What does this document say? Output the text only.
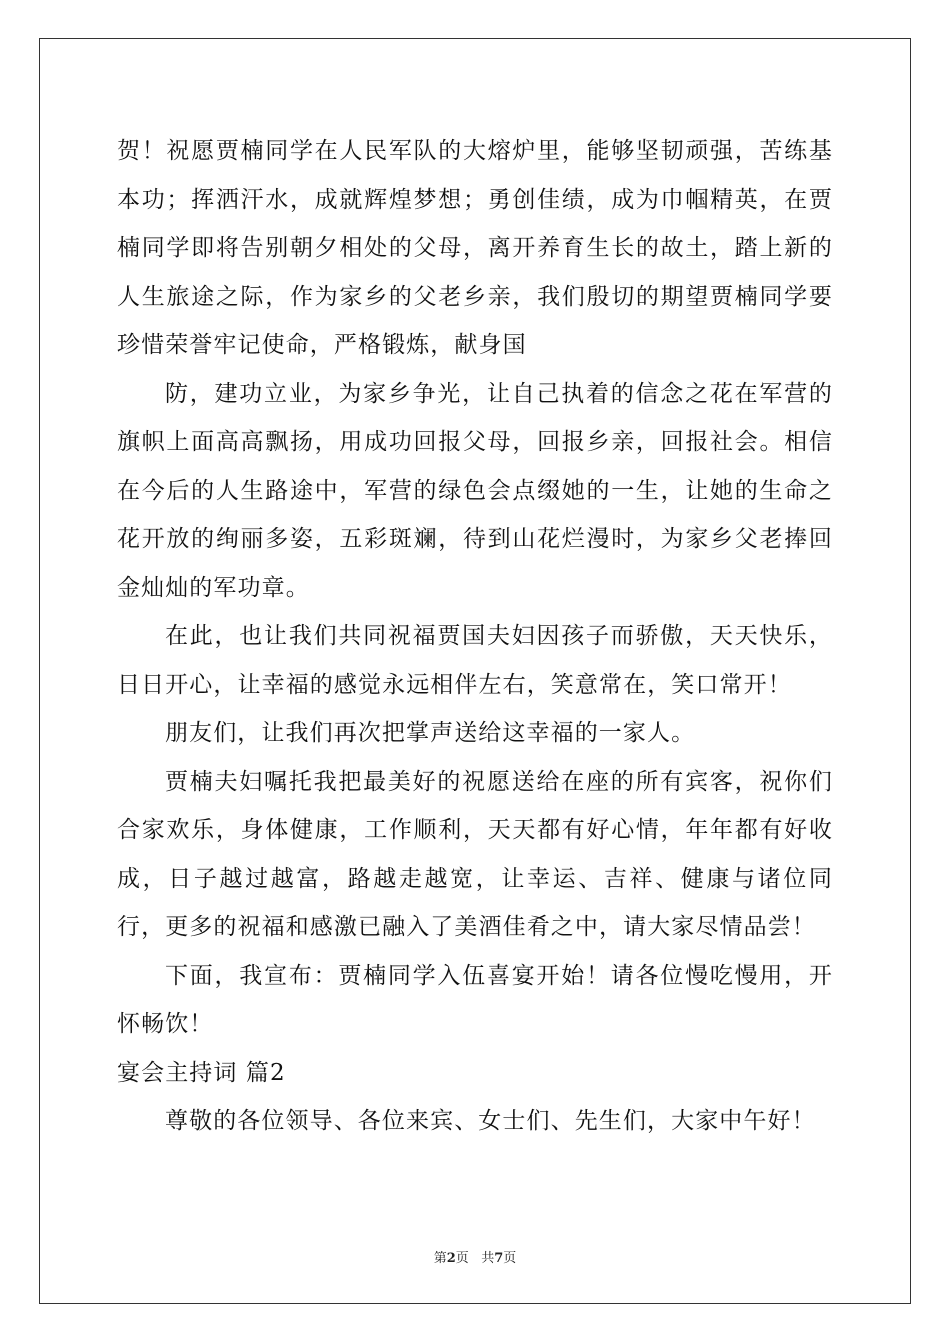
贺！祝愿贾楠同学在人民军队的大熔炉里，能够坚韧顽强，苦练基本功；挥洒汗水，成就辉煌梦想；勇创佳绩，成为巾帼精英，在贾楠同学即将告别朝夕相处的父母，离开养育生长的故土，踏上新的人生旅途之际，作为家乡的父老乡亲，我们殷切的期望贾楠同学要珍惜荣誉牢记使命，严格锻炼，献身国

防，建功立业，为家乡争光，让自己执着的信念之花在军营的旗帜上面高高飘扬，用成功回报父母，回报乡亲，回报社会。相信在今后的人生路途中，军营的绿色会点缀她的一生，让她的生命之花开放的绚丽多姿，五彩斑斓，待到山花烂漫时，为家乡父老捧回金灿灿的军功章。

在此，也让我们共同祝福贾国夫妇因孩子而骄傲，天天快乐，日日开心，让幸福的感觉永远相伴左右，笑意常在，笑口常开！

朋友们，让我们再次把掌声送给这幸福的一家人。

贾楠夫妇嘱托我把最美好的祝愿送给在座的所有宾客，祝你们合家欢乐，身体健康，工作顺利，天天都有好心情，年年都有好收成，日子越过越富，路越走越宽，让幸运、吉祥、健康与诸位同行，更多的祝福和感激已融入了美酒佳肴之中，请大家尽情品尝！

下面，我宣布：贾楠同学入伍喜宴开始！请各位慢吃慢用，开怀畅饮！

宴会主持词 篇2

尊敬的各位领导、各位来宾、女士们、先生们，大家中午好！

第2页 共7页
